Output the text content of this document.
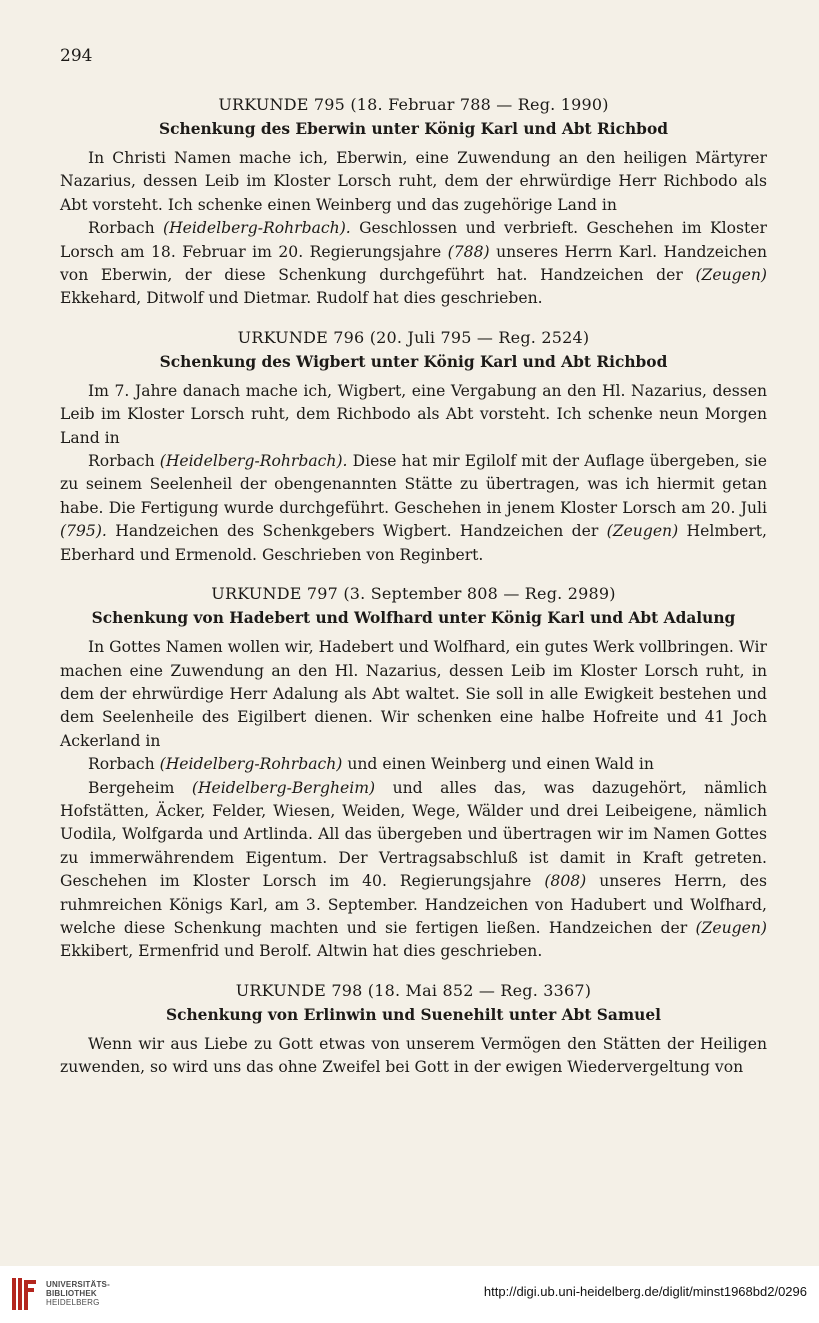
294
URKUNDE 795 (18. Februar 788 — Reg. 1990)
Schenkung des Eberwin unter König Karl und Abt Richbod

In Christi Namen mache ich, Eberwin, eine Zuwendung an den heiligen Märtyrer Nazarius, dessen Leib im Kloster Lorsch ruht, dem der ehrwürdige Herr Richbodo als Abt vorsteht. Ich schenke einen Weinberg und das zugehörige Land in

Rorbach (Heidelberg-Rohrbach). Geschlossen und verbrieft. Geschehen im Kloster Lorsch am 18. Februar im 20. Regierungsjahre (788) unseres Herrn Karl. Handzeichen von Eberwin, der diese Schenkung durchgeführt hat. Handzeichen der (Zeugen) Ekkehard, Ditwolf und Dietmar. Rudolf hat dies geschrieben.

URKUNDE 796 (20. Juli 795 — Reg. 2524)
Schenkung des Wigbert unter König Karl und Abt Richbod

Im 7. Jahre danach mache ich, Wigbert, eine Vergabung an den Hl. Nazarius, dessen Leib im Kloster Lorsch ruht, dem Richbodo als Abt vorsteht. Ich schenke neun Morgen Land in

Rorbach (Heidelberg-Rohrbach). Diese hat mir Egilolf mit der Auflage übergeben, sie zu seinem Seelenheil der obengenannten Stätte zu übertragen, was ich hiermit getan habe. Die Fertigung wurde durchgeführt. Geschehen in jenem Kloster Lorsch am 20. Juli (795). Handzeichen des Schenkgebers Wigbert. Handzeichen der (Zeugen) Helmbert, Eberhard und Ermenold. Geschrieben von Reginbert.

URKUNDE 797 (3. September 808 — Reg. 2989)
Schenkung von Hadebert und Wolfhard unter König Karl und Abt Adalung

In Gottes Namen wollen wir, Hadebert und Wolfhard, ein gutes Werk vollbringen. Wir machen eine Zuwendung an den Hl. Nazarius, dessen Leib im Kloster Lorsch ruht, in dem der ehrwürdige Herr Adalung als Abt waltet. Sie soll in alle Ewigkeit bestehen und dem Seelenheile des Eigilbert dienen. Wir schenken eine halbe Hofreite und 41 Joch Ackerland in

Rorbach (Heidelberg-Rohrbach) und einen Weinberg und einen Wald in

Bergeheim (Heidelberg-Bergheim) und alles das, was dazugehört, nämlich Hofstätten, Äcker, Felder, Wiesen, Weiden, Wege, Wälder und drei Leibeigene, nämlich Uodila, Wolfgarda und Artlinda. All das übergeben und übertragen wir im Namen Gottes zu immerwährendem Eigentum. Der Vertragsabschluß ist damit in Kraft getreten. Geschehen im Kloster Lorsch im 40. Regierungsjahre (808) unseres Herrn, des ruhmreichen Königs Karl, am 3. September. Handzeichen von Hadubert und Wolfhard, welche diese Schenkung machten und sie fertigen ließen. Handzeichen der (Zeugen) Ekkibert, Ermenfrid und Berolf. Altwin hat dies geschrieben.

URKUNDE 798 (18. Mai 852 — Reg. 3367)
Schenkung von Erlinwin und Suenehilt unter Abt Samuel

Wenn wir aus Liebe zu Gott etwas von unserem Vermögen den Stätten der Heiligen zuwenden, so wird uns das ohne Zweifel bei Gott in der ewigen Wiedervergeltung von

UNIVERSITÄTS-
BIBLIOTHEK
HEIDELBERG
http://digi.ub.uni-heidelberg.de/diglit/minst1968bd2/0296
